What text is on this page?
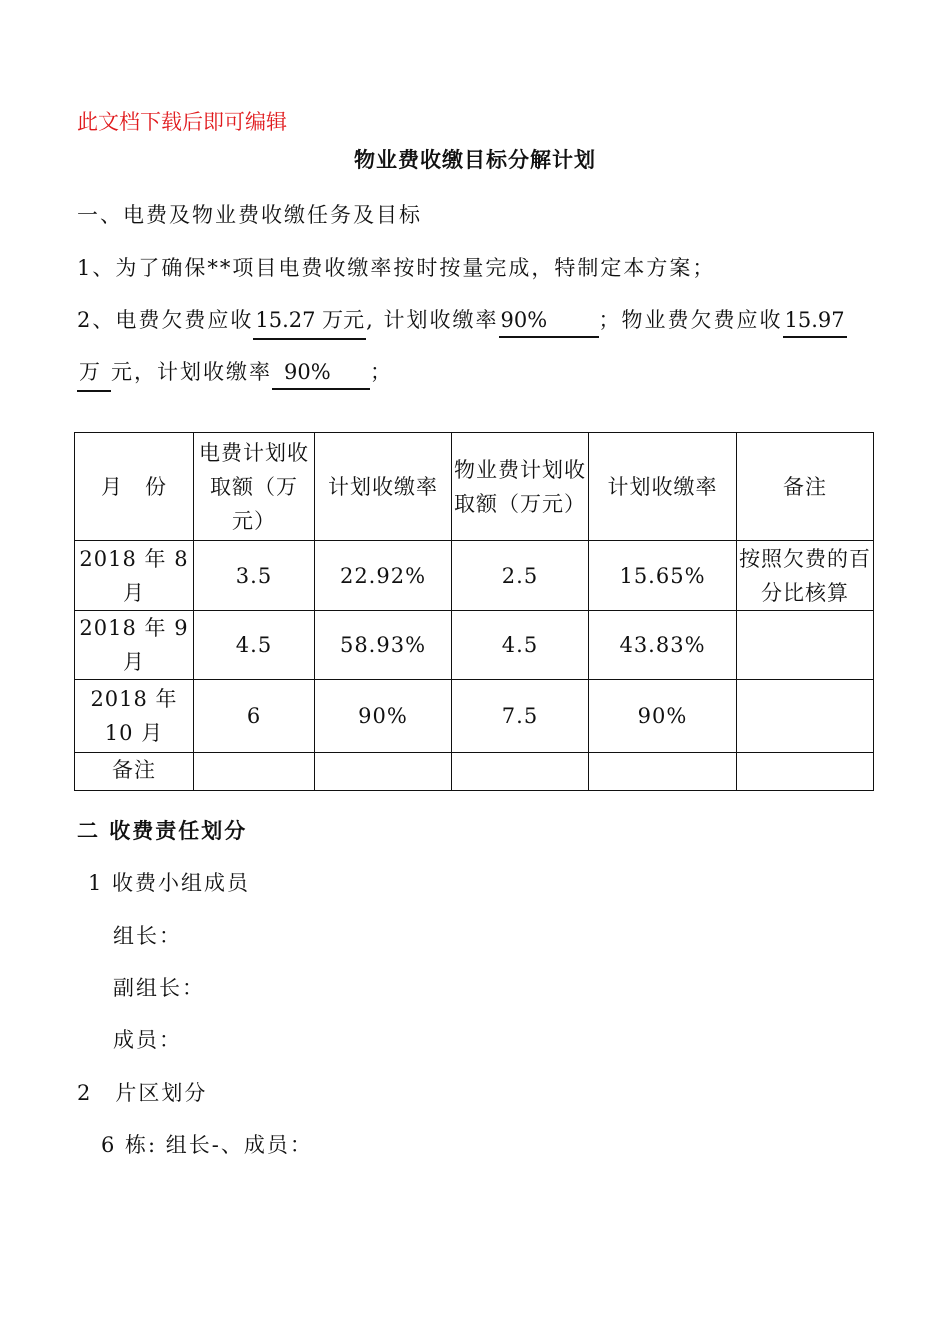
此文档下载后即可编辑
物业费收缴目标分解计划
一、电费及物业费收缴任务及目标
1、为了确保**项目电费收缴率按时按量完成，特制定本方案；
2、电费欠费应收15.27 万元, 计划收缴率90% ；物业费欠费应收15.97
万 元，计划收缴率 90% ；
月　份	电费计划收取额（万元）	计划收缴率	物业费计划收取额（万元）	计划收缴率	备注
2018 年 8 月	3.5	22.92%	2.5	15.65%	按照欠费的百分比核算
2018 年 9 月	4.5	58.93%	4.5	43.83%	
2018 年 10 月	6	90%	7.5	90%	
备注					
二 收费责任划分
1 收费小组成员
组长：
副组长：
成员：
2　片区划分
6 栋: 组长-、成员：
